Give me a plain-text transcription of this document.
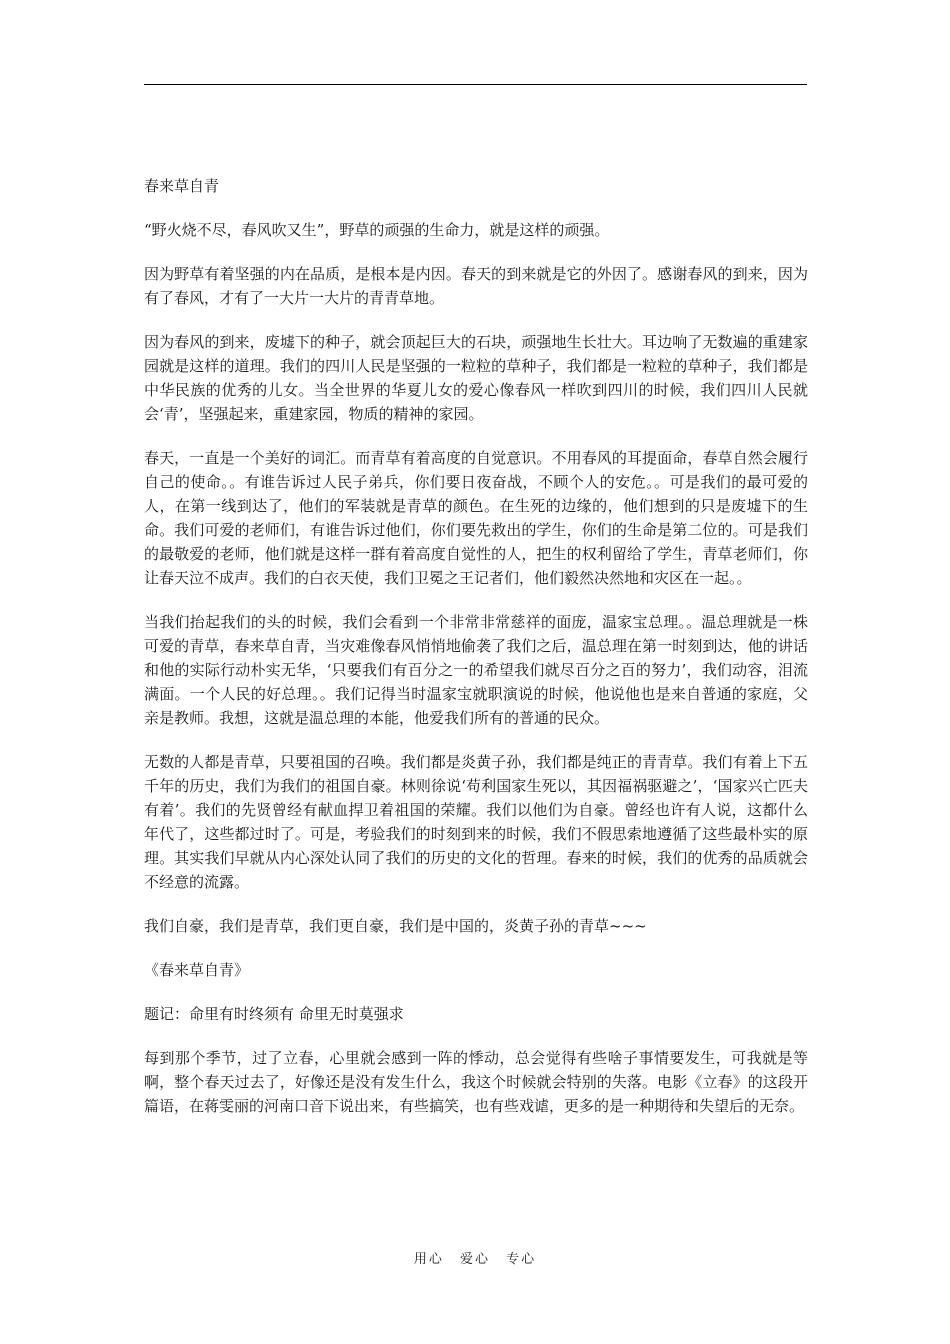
春来草自青

“野火烧不尽，春风吹又生”，野草的顽强的生命力，就是这样的顽强。

因为野草有着坚强的内在品质，是根本是内因。春天的到来就是它的外因了。感谢春风的到来，因为有了春风，才有了一大片一大片的青青草地。

因为春风的到来，废墟下的种子，就会顶起巨大的石块，顽强地生长壮大。耳边响了无数遍的重建家园就是这样的道理。我们的四川人民是坚强的一粒粒的草种子，我们都是一粒粒的草种子，我们都是中华民族的优秀的儿女。当全世界的华夏儿女的爱心像春风一样吹到四川的时候，我们四川人民就会‘青’，坚强起来，重建家园，物质的精神的家园。

春天，一直是一个美好的词汇。而青草有着高度的自觉意识。不用春风的耳提面命，春草自然会履行自己的使命。。有谁告诉过人民子弟兵，你们要日夜奋战，不顾个人的安危。。可是我们的最可爱的人，在第一线到达了，他们的军装就是青草的颜色。在生死的边缘的，他们想到的只是废墟下的生命。我们可爱的老师们，有谁告诉过他们，你们要先救出的学生，你们的生命是第二位的。可是我们的最敬爱的老师，他们就是这样一群有着高度自觉性的人，把生的权利留给了学生，青草老师们，你让春天泣不成声。我们的白衣天使，我们卫冕之王记者们，他们毅然决然地和灾区在一起。。

当我们抬起我们的头的时候，我们会看到一个非常非常慈祥的面庞，温家宝总理。。温总理就是一株可爱的青草，春来草自青，当灾难像春风悄悄地偷袭了我们之后，温总理在第一时刻到达，他的讲话和他的实际行动朴实无华，‘只要我们有百分之一的希望我们就尽百分之百的努力’，我们动容，泪流满面。一个人民的好总理。。我们记得当时温家宝就职演说的时候，他说他也是来自普通的家庭，父亲是教师。我想，这就是温总理的本能，他爱我们所有的普通的民众。

无数的人都是青草，只要祖国的召唤。我们都是炎黄子孙，我们都是纯正的青青草。我们有着上下五千年的历史，我们为我们的祖国自豪。林则徐说‘苟利国家生死以，其因福祸驱避之’，‘国家兴亡匹夫有着’。我们的先贤曾经有献血捍卫着祖国的荣耀。我们以他们为自豪。曾经也许有人说，这都什么年代了，这些都过时了。可是，考验我们的时刻到来的时候，我们不假思索地遵循了这些最朴实的原理。其实我们早就从内心深处认同了我们的历史的文化的哲理。春来的时候，我们的优秀的品质就会不经意的流露。

我们自豪，我们是青草，我们更自豪，我们是中国的，炎黄子孙的青草~~~

《春来草自青》

题记：命里有时终须有 命里无时莫强求

每到那个季节，过了立春，心里就会感到一阵的悸动，总会觉得有些啥子事情要发生，可我就是等啊，整个春天过去了，好像还是没有发生什么，我这个时候就会特别的失落。电影《立春》的这段开篇语，在蒋雯丽的河南口音下说出来，有些搞笑，也有些戏谑，更多的是一种期待和失望后的无奈。

用心 爱心 专心
